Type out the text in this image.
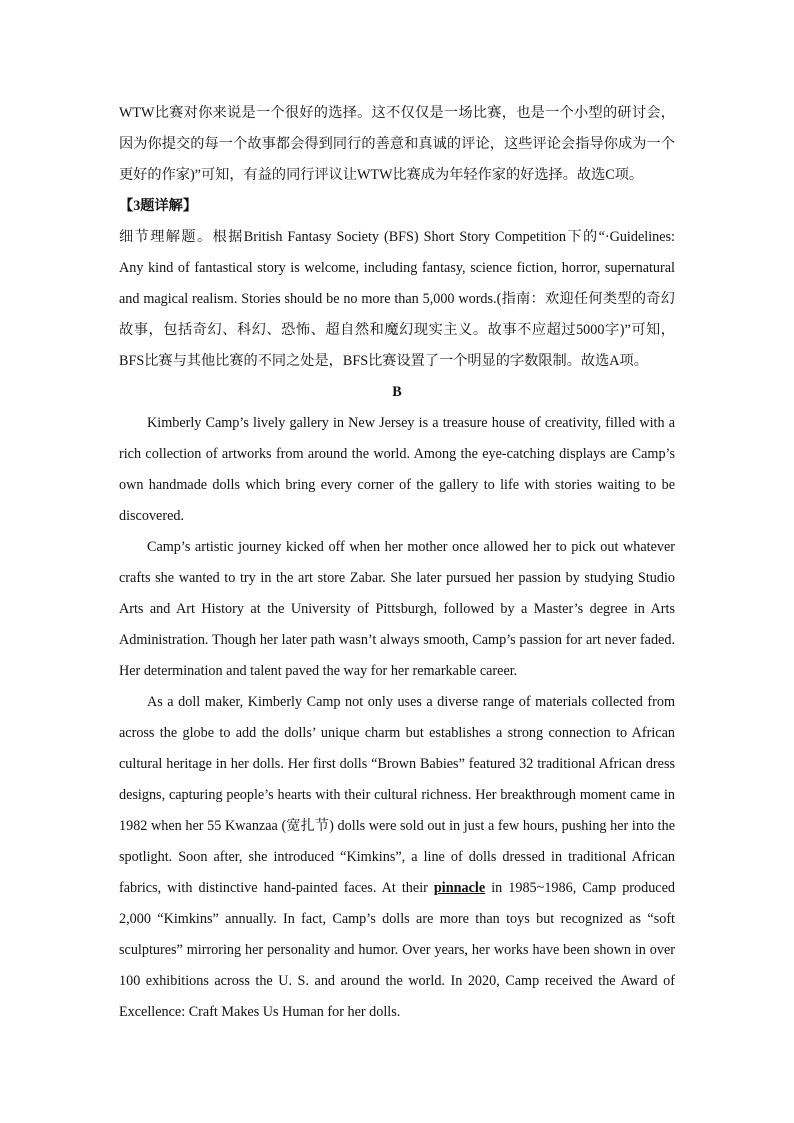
WTW比赛对你来说是一个很好的选择。这不仅仅是一场比赛，也是一个小型的研讨会，因为你提交的每一个故事都会得到同行的善意和真诚的评论，这些评论会指导你成为一个更好的作家)”可知，有益的同行评议让WTW比赛成为年轻作家的好选择。故选C项。

【3题详解】

细节理解题。根据British Fantasy Society (BFS) Short Story Competition下的“·Guidelines: Any kind of fantastical story is welcome, including fantasy, science fiction, horror, supernatural and magical realism. Stories should be no more than 5,000 words.(指南：欢迎任何类型的奇幻故事，包括奇幻、科幻、恐怖、超自然和魔幻现实主义。故事不应超过5000字)”可知，BFS比赛与其他比赛的不同之处是，BFS比赛设置了一个明显的字数限制。故选A项。

B

Kimberly Camp’s lively gallery in New Jersey is a treasure house of creativity, filled with a rich collection of artworks from around the world. Among the eye-catching displays are Camp’s own handmade dolls which bring every corner of the gallery to life with stories waiting to be discovered.

Camp’s artistic journey kicked off when her mother once allowed her to pick out whatever crafts she wanted to try in the art store Zabar. She later pursued her passion by studying Studio Arts and Art History at the University of Pittsburgh, followed by a Master’s degree in Arts Administration. Though her later path wasn’t always smooth, Camp’s passion for art never faded. Her determination and talent paved the way for her remarkable career.

As a doll maker, Kimberly Camp not only uses a diverse range of materials collected from across the globe to add the dolls’ unique charm but establishes a strong connection to African cultural heritage in her dolls. Her first dolls “Brown Babies” featured 32 traditional African dress designs, capturing people’s hearts with their cultural richness. Her breakthrough moment came in 1982 when her 55 Kwanzaa (宽扎节) dolls were sold out in just a few hours, pushing her into the spotlight. Soon after, she introduced “Kimkins”, a line of dolls dressed in traditional African fabrics, with distinctive hand-painted faces. At their pinnacle in 1985~1986, Camp produced 2,000 “Kimkins” annually. In fact, Camp’s dolls are more than toys but recognized as “soft sculptures” mirroring her personality and humor. Over years, her works have been shown in over 100 exhibitions across the U. S. and around the world. In 2020, Camp received the Award of Excellence: Craft Makes Us Human for her dolls.
